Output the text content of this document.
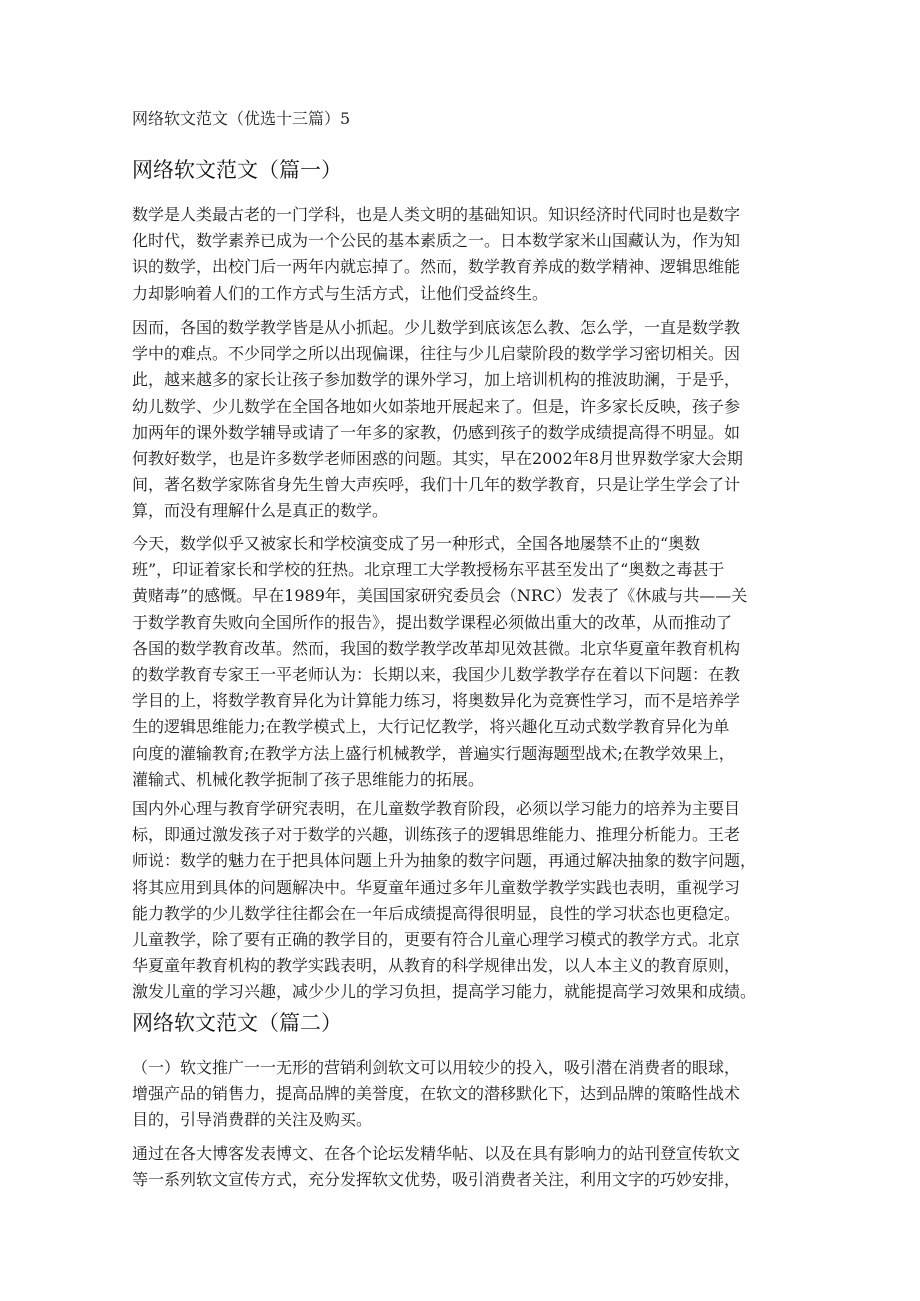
网络软文范文（优选十三篇）5
网络软文范文（篇一）
数学是人类最古老的一门学科，也是人类文明的基础知识。知识经济时代同时也是数字
化时代，数学素养已成为一个公民的基本素质之一。日本数学家米山国藏认为，作为知
识的数学，出校门后一两年内就忘掉了。然而，数学教育养成的数学精神、逻辑思维能
力却影响着人们的工作方式与生活方式，让他们受益终生。
因而，各国的数学教学皆是从小抓起。少儿数学到底该怎么教、怎么学，一直是数学教
学中的难点。不少同学之所以出现偏课，往往与少儿启蒙阶段的数学学习密切相关。因
此，越来越多的家长让孩子参加数学的课外学习，加上培训机构的推波助澜，于是乎，
幼儿数学、少儿数学在全国各地如火如荼地开展起来了。但是，许多家长反映，孩子参
加两年的课外数学辅导或请了一年多的家教，仍感到孩子的数学成绩提高得不明显。如
何教好数学，也是许多数学老师困惑的问题。其实，早在2002年8月世界数学家大会期
间，著名数学家陈省身先生曾大声疾呼，我们十几年的数学教育，只是让学生学会了计
算，而没有理解什么是真正的数学。
今天，数学似乎又被家长和学校演变成了另一种形式，全国各地屡禁不止的“奥数
班”，印证着家长和学校的狂热。北京理工大学教授杨东平甚至发出了“奥数之毒甚于
黄赌毒”的感慨。早在1989年，美国国家研究委员会（NRC）发表了《休戚与共——关
于数学教育失败向全国所作的报告》，提出数学课程必须做出重大的改革，从而推动了
各国的数学教育改革。然而，我国的数学教学改革却见效甚微。北京华夏童年教育机构
的数学教育专家王一平老师认为：长期以来，我国少儿数学教学存在着以下问题：在教
学目的上，将数学教育异化为计算能力练习，将奥数异化为竞赛性学习，而不是培养学
生的逻辑思维能力;在教学模式上，大行记忆教学，将兴趣化互动式数学教育异化为单
向度的灌输教育;在教学方法上盛行机械教学，普遍实行题海题型战术;在教学效果上，
灌输式、机械化教学扼制了孩子思维能力的拓展。
国内外心理与教育学研究表明，在儿童数学教育阶段，必须以学习能力的培养为主要目
标，即通过激发孩子对于数学的兴趣，训练孩子的逻辑思维能力、推理分析能力。王老
师说：数学的魅力在于把具体问题上升为抽象的数字问题，再通过解决抽象的数字问题，
将其应用到具体的问题解决中。华夏童年通过多年儿童数学教学实践也表明，重视学习
能力教学的少儿数学往往都会在一年后成绩提高得很明显，良性的学习状态也更稳定。
儿童教学，除了要有正确的教学目的，更要有符合儿童心理学习模式的教学方式。北京
华夏童年教育机构的教学实践表明，从教育的科学规律出发，以人本主义的教育原则，
激发儿童的学习兴趣，减少少儿的学习负担，提高学习能力，就能提高学习效果和成绩。
网络软文范文（篇二）
（一）软文推广一一无形的营销利剑软文可以用较少的投入，吸引潜在消费者的眼球，
增强产品的销售力，提高品牌的美誉度，在软文的潜移默化下，达到品牌的策略性战术
目的，引导消费群的关注及购买。
通过在各大博客发表博文、在各个论坛发精华帖、以及在具有影响力的站刊登宣传软文
等一系列软文宣传方式，充分发挥软文优势，吸引消费者关注，利用文字的巧妙安排，
